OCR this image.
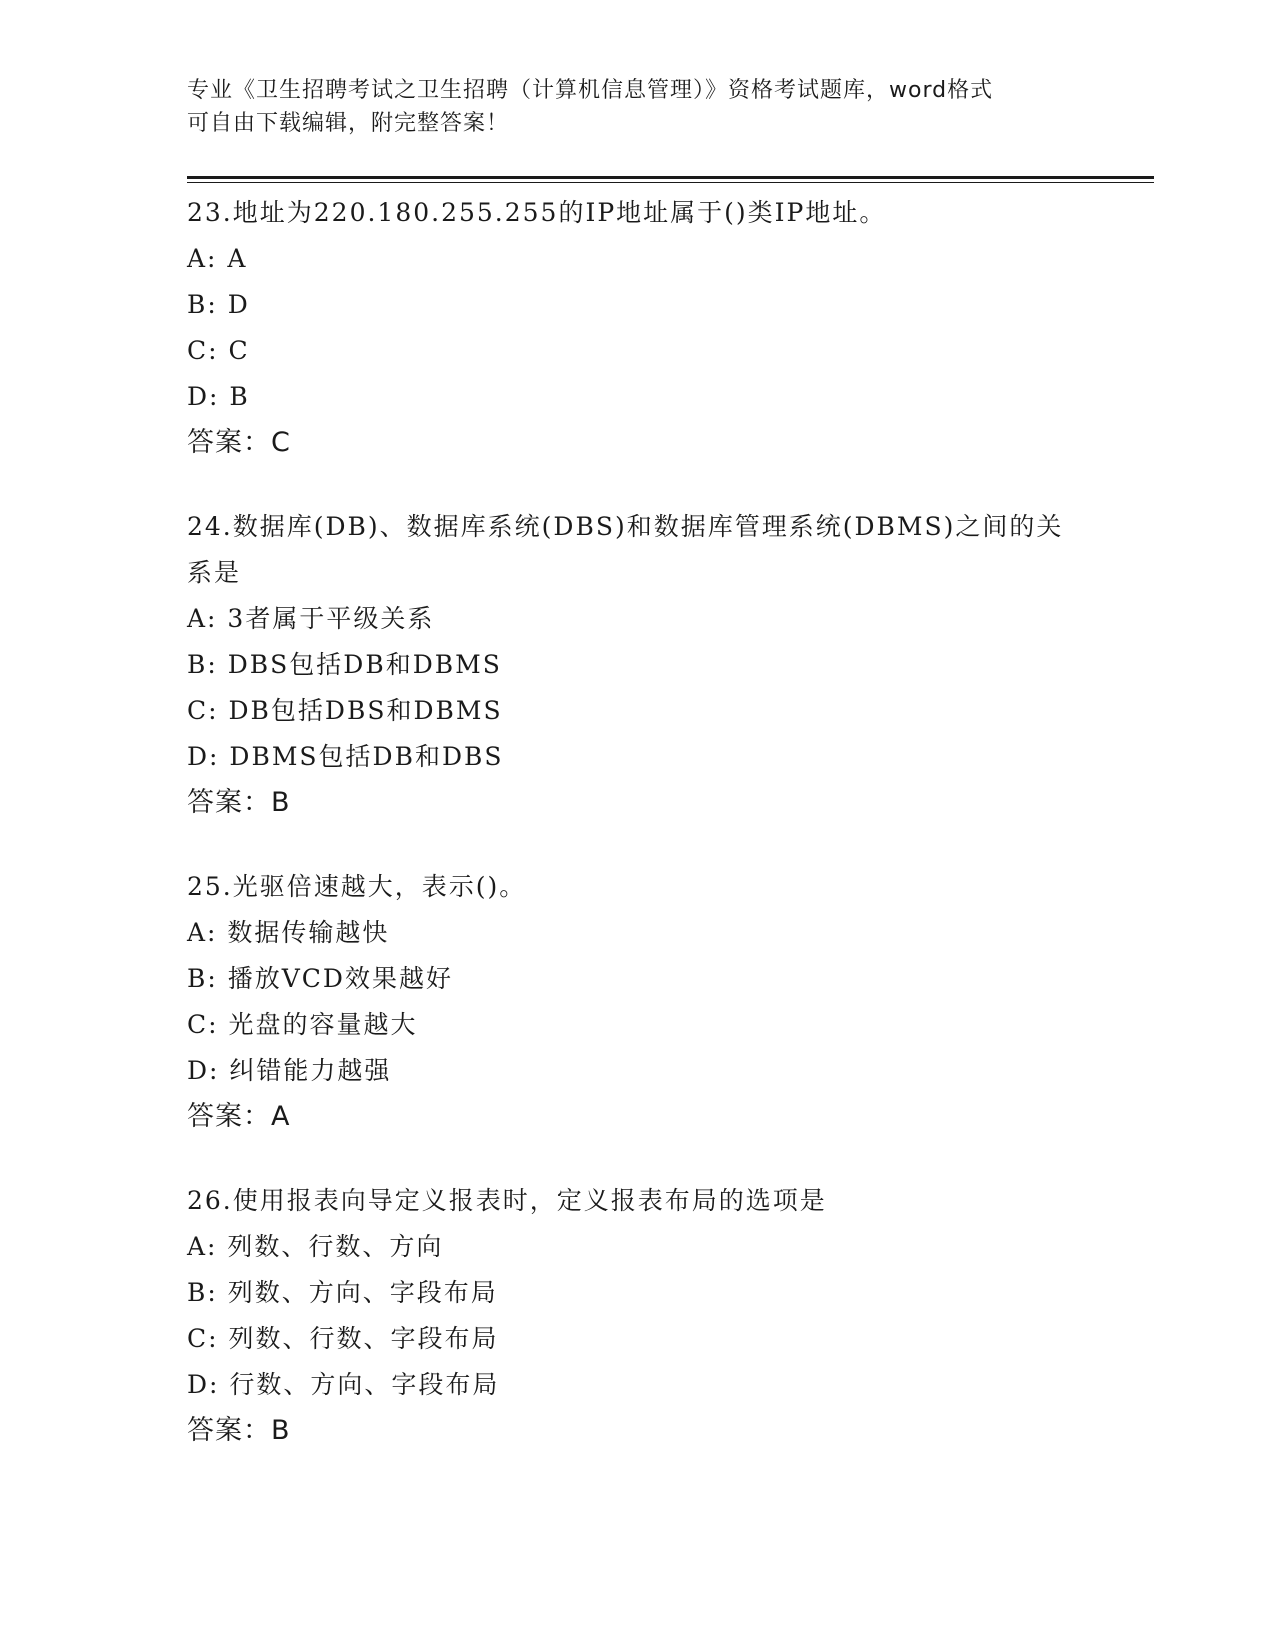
专业《卫生招聘考试之卫生招聘（计算机信息管理）》资格考试题库，word格式
可自由下载编辑，附完整答案！
23.地址为220.180.255.255的IP地址属于()类IP地址。
A: A
B: D
C: C
D: B
答案：C
24.数据库(DB)、数据库系统(DBS)和数据库管理系统(DBMS)之间的关系是
A: 3者属于平级关系
B: DBS包括DB和DBMS
C: DB包括DBS和DBMS
D: DBMS包括DB和DBS
答案：B
25.光驱倍速越大，表示()。
A: 数据传输越快
B: 播放VCD效果越好
C: 光盘的容量越大
D: 纠错能力越强
答案：A
26.使用报表向导定义报表时，定义报表布局的选项是
A: 列数、行数、方向
B: 列数、方向、字段布局
C: 列数、行数、字段布局
D: 行数、方向、字段布局
答案：B
